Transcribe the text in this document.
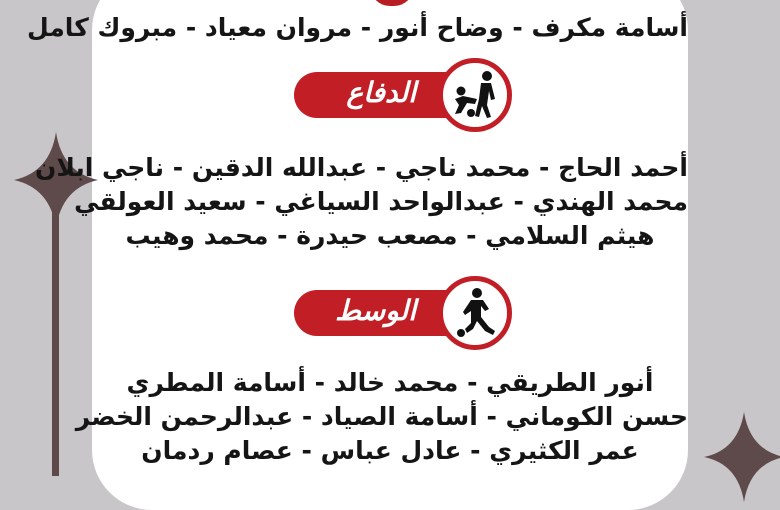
أسامة مكرف - وضاح أنور - مروان معياد - مبروك كامل
الدفاع
أحمد الحاج - محمد ناجي - عبدالله الدقين - ناجي ابلان
محمد الهندي - عبدالواحد السياغي - سعيد العولقي
هيثم السلامي - مصعب حيدرة - محمد وهيب
الوسط
أنور الطريقي - محمد خالد - أسامة المطري
حسن الكوماني - أسامة الصياد - عبدالرحمن الخضر
عمر الكثيري - عادل عباس - عصام ردمان
